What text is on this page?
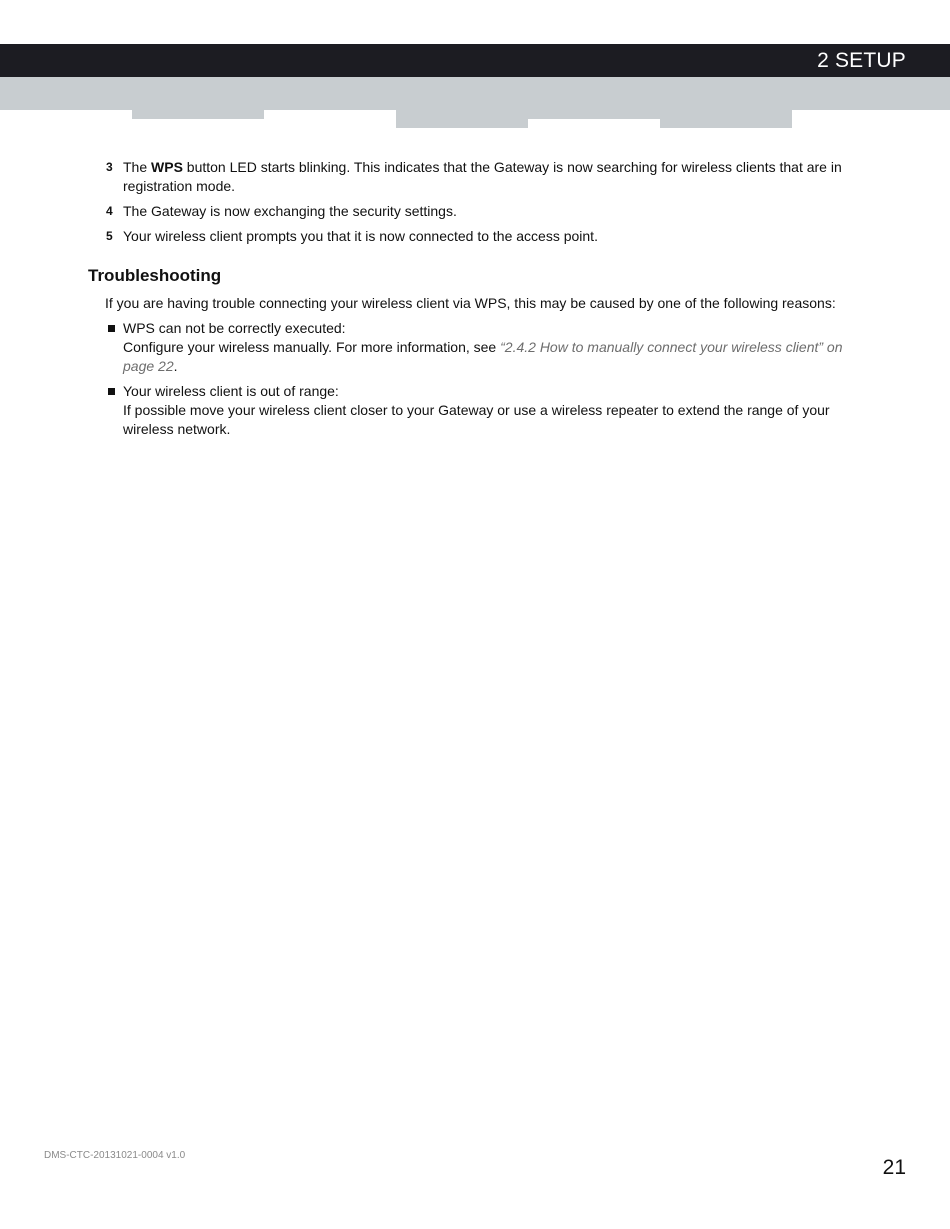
2 SETUP
3 The WPS button LED starts blinking. This indicates that the Gateway is now searching for wireless clients that are in registration mode.
4 The Gateway is now exchanging the security settings.
5 Your wireless client prompts you that it is now connected to the access point.
Troubleshooting
If you are having trouble connecting your wireless client via WPS, this may be caused by one of the following reasons:
WPS can not be correctly executed:
Configure your wireless manually. For more information, see “2.4.2 How to manually connect your wireless client” on page 22.
Your wireless client is out of range:
If possible move your wireless client closer to your Gateway or use a wireless repeater to extend the range of your wireless network.
DMS-CTC-20131021-0004 v1.0
21
